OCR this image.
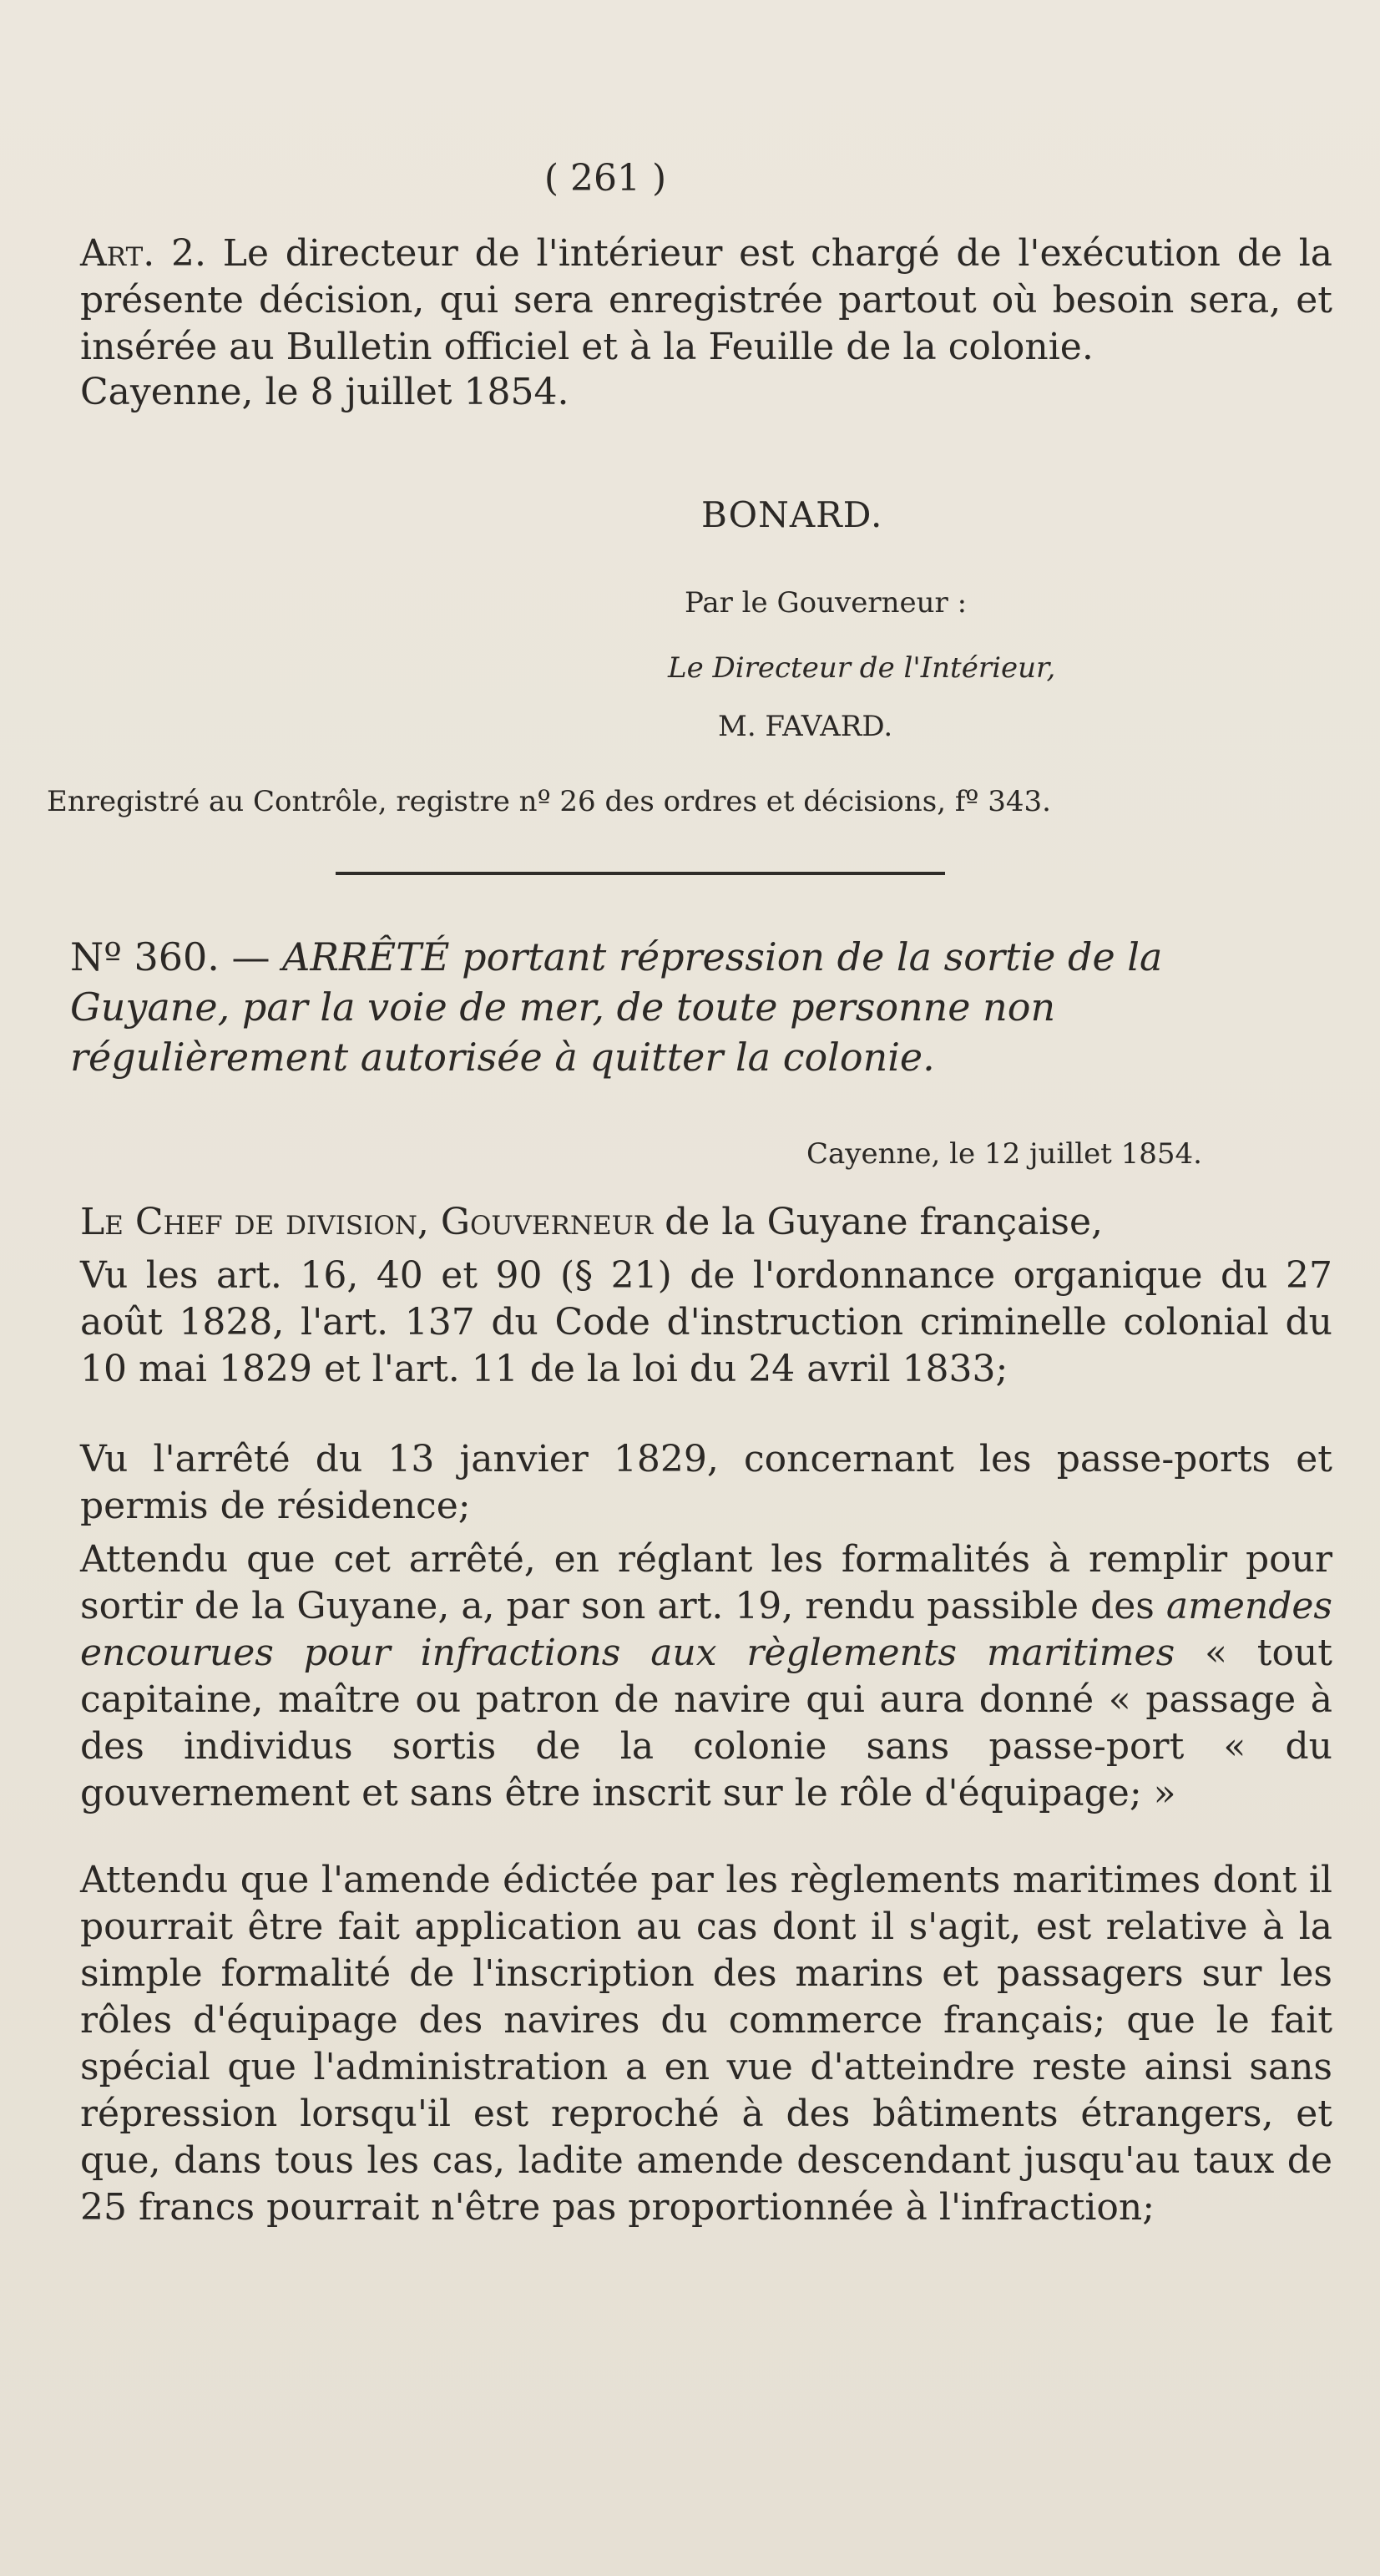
( 261 )

Art. 2. Le directeur de l'intérieur est chargé de l'exécution de la présente décision, qui sera enregistrée partout où besoin sera, et insérée au Bulletin officiel et à la Feuille de la colonie.

Cayenne, le 8 juillet 1854.

BONARD.
Par le Gouverneur :
Le Directeur de l'Intérieur,
M. FAVARD.
Enregistré au Contrôle, registre nº 26 des ordres et décisions, fº 343.

Nº 360. — ARRÊTÉ portant répression de la sortie de la Guyane, par la voie de mer, de toute personne non régulièrement autorisée à quitter la colonie.

Cayenne, le 12 juillet 1854.

Le Chef de division, Gouverneur de la Guyane française,

Vu les art. 16, 40 et 90 (§ 21) de l'ordonnance organique du 27 août 1828, l'art. 137 du Code d'instruction criminelle colonial du 10 mai 1829 et l'art. 11 de la loi du 24 avril 1833;

Vu l'arrêté du 13 janvier 1829, concernant les passe-ports et permis de résidence;

Attendu que cet arrêté, en réglant les formalités à remplir pour sortir de la Guyane, a, par son art. 19, rendu passible des amendes encourues pour infractions aux règlements maritimes « tout capitaine, maître ou patron de navire qui aura donné « passage à des individus sortis de la colonie sans passe-port « du gouvernement et sans être inscrit sur le rôle d'équipage; »

Attendu que l'amende édictée par les règlements maritimes dont il pourrait être fait application au cas dont il s'agit, est relative à la simple formalité de l'inscription des marins et passagers sur les rôles d'équipage des navires du commerce français; que le fait spécial que l'administration a en vue d'atteindre reste ainsi sans répression lorsqu'il est reproché à des bâtiments étrangers, et que, dans tous les cas, ladite amende descendant jusqu'au taux de 25 francs pourrait n'être pas proportionnée à l'infraction;
